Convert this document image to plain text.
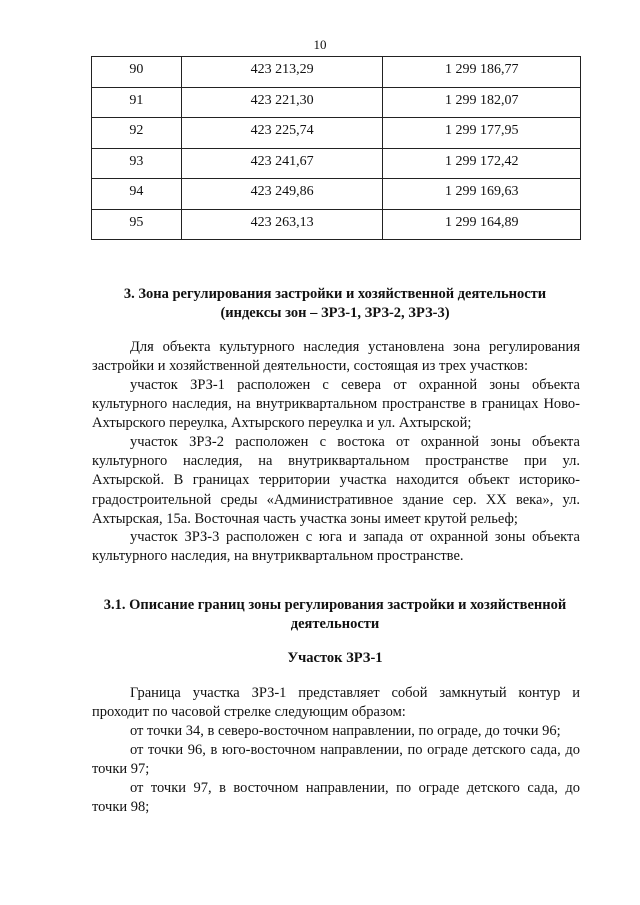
10
90	423 213,29	1 299 186,77
91	423 221,30	1 299 182,07
92	423 225,74	1 299 177,95
93	423 241,67	1 299 172,42
94	423 249,86	1 299 169,63
95	423 263,13	1 299 164,89
3. Зона регулирования застройки и хозяйственной деятельности
(индексы зон – ЗРЗ-1, ЗРЗ-2, ЗРЗ-3)

Для объекта культурного наследия установлена зона регулирования застройки и хозяйственной деятельности, состоящая из трех участков:

участок ЗРЗ-1 расположен с севера от охранной зоны объекта культурного наследия, на внутриквартальном пространстве в границах Ново-Ахтырского переулка, Ахтырского переулка и ул. Ахтырской;

участок ЗРЗ-2 расположен с востока от охранной зоны объекта культурного наследия, на внутриквартальном пространстве при ул. Ахтырской. В границах территории участка находится объект историко-градостроительной среды «Административное здание сер. XX века», ул. Ахтырская, 15а. Восточная часть участка зоны имеет крутой рельеф;

участок ЗРЗ-3 расположен с юга и запада от охранной зоны объекта культурного наследия, на внутриквартальном пространстве.

3.1. Описание границ зоны регулирования застройки и хозяйственной
деятельности
Участок ЗРЗ-1

Граница участка ЗРЗ-1 представляет собой замкнутый контур и проходит по часовой стрелке следующим образом:

от точки 34, в северо-восточном направлении, по ограде, до точки 96;

от точки 96, в юго-восточном направлении, по ограде детского сада, до точки 97;

от точки 97, в восточном направлении, по ограде детского сада, до точки 98;
